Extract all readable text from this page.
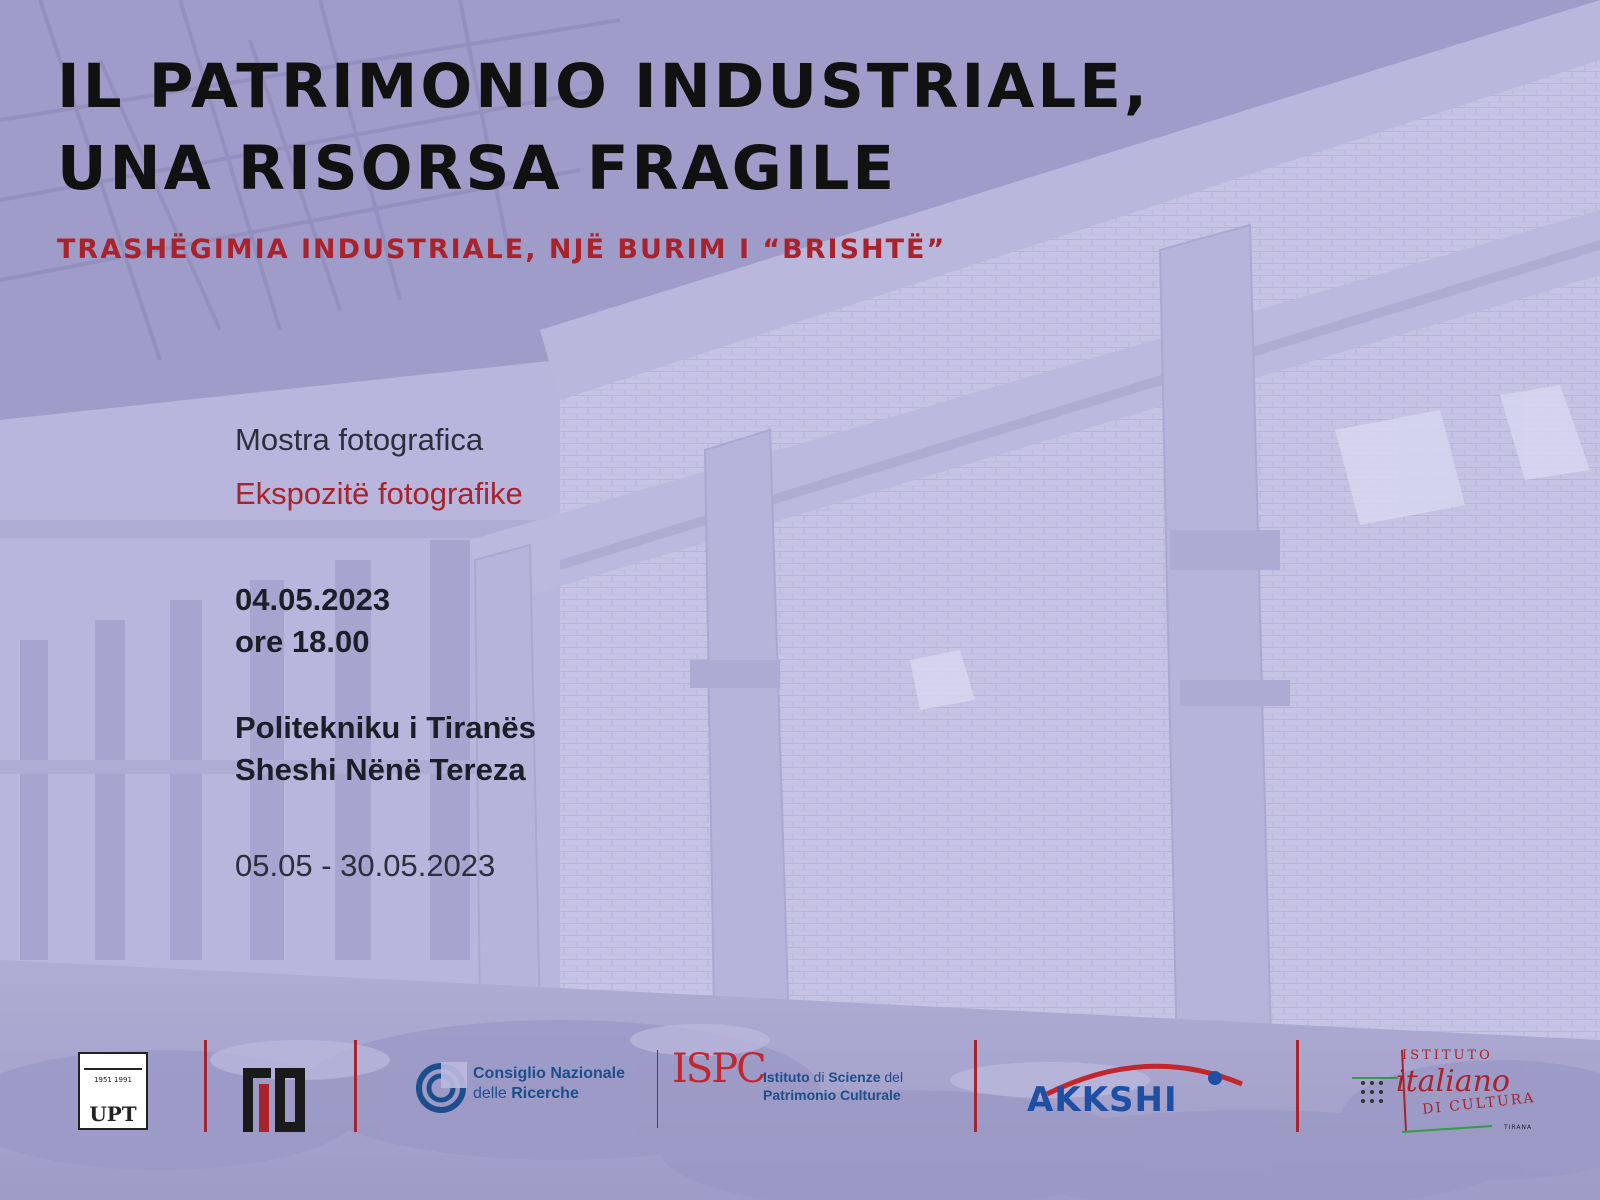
IL PATRIMONIO INDUSTRIALE,
UNA RISORSA FRAGILE
TRASHËGIMIA INDUSTRIALE, NJË BURIM I “BRISHTË”
Mostra fotografica
Ekspozitë fotografike
04.05.2023
ore 18.00
Politekniku i Tiranës
Sheshi Nënë Tereza
05.05 - 30.05.2023
1951 1991
UPT
Consiglio Nazionale
delle Ricerche
ISPC
Istituto di Scienze del
Patrimonio Culturale	AKKSHI
ISTITUTO
italiano
DI CULTURA
TIRANA
